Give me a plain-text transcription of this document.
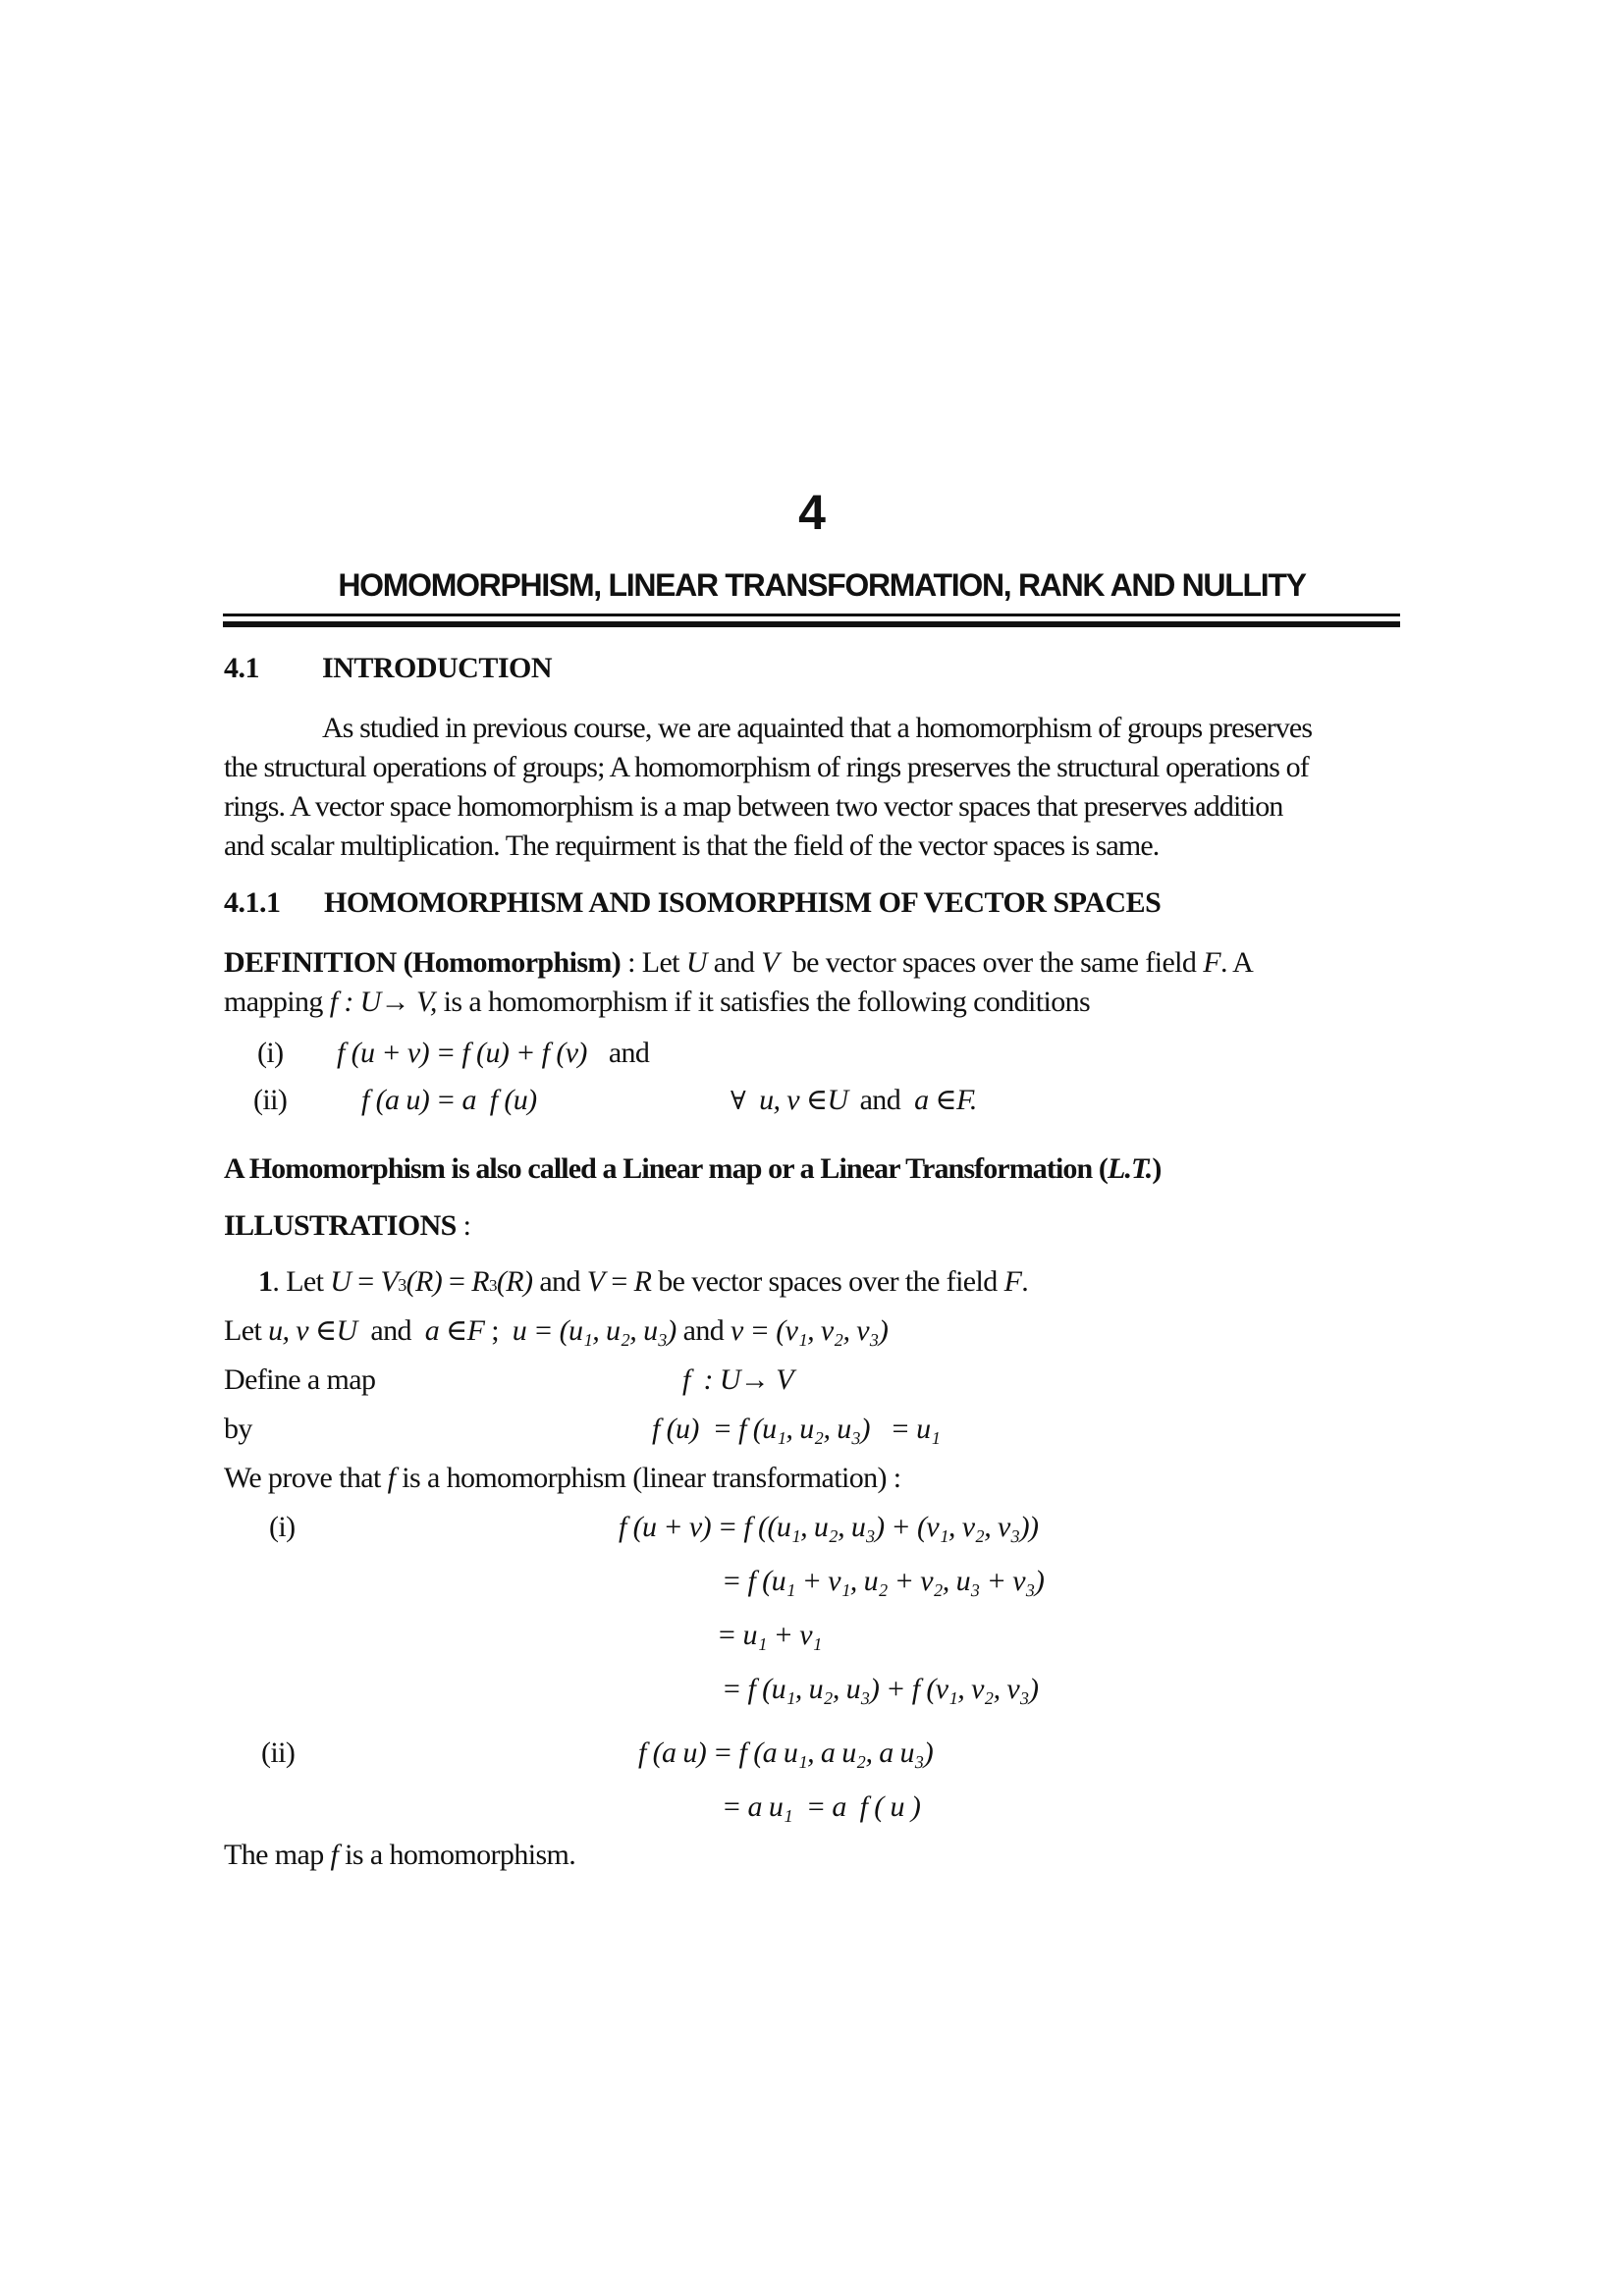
4
HOMOMORPHISM, LINEAR TRANSFORMATION, RANK AND NULLITY
4.1	INTRODUCTION
As studied in previous course, we are aquainted that a homomorphism of groups preserves
the structural operations of groups; A homomorphism of rings preserves the structural operations of
rings. A vector space homomorphism is a map between two vector spaces that preserves addition
and scalar multiplication. The requirment is that the field of the vector spaces is same.
4.1.1	HOMOMORPHISM AND ISOMORPHISM OF VECTOR SPACES
DEFINITION (Homomorphism) : Let U and V be vector spaces over the same field F . A
mapping f : U→ V, is a homomorphism if it satisfies the following conditions
(i)	f (u + v) = f (u) + f (v) and
(ii)	f (a u) = a  f (u)	∀ u, v ∈U and a ∈F.
A Homomorphism is also called a Linear map or a Linear Transformation ( L.T. )
ILLUSTRATIONS :
1 . Let U = V 3 (R) = R 3 (R) and V = R be vector spaces over the field F .
Let u, v ∈U and a ∈F ; u = (u₁, u₂, u₃) and v = (v₁, v₂, v₃)
Define a map	f  : U→ V
by	f (u)  = f (u₁, u₂, u₃)   = u₁
We prove that f is a homomorphism (linear transformation) :
(i)	f (u + v) = f ((u₁, u₂, u₃) + (v₁, v₂, v₃))
= f (u₁ + v₁, u₂ + v₂, u₃ + v₃)
= u₁ + v₁
= f (u₁, u₂, u₃) + f (v₁, v₂, v₃)
(ii)	f (a u) = f (a u₁, a u₂, a u₃)
= a u₁  = a  f ( u )
The map f is a homomorphism.
